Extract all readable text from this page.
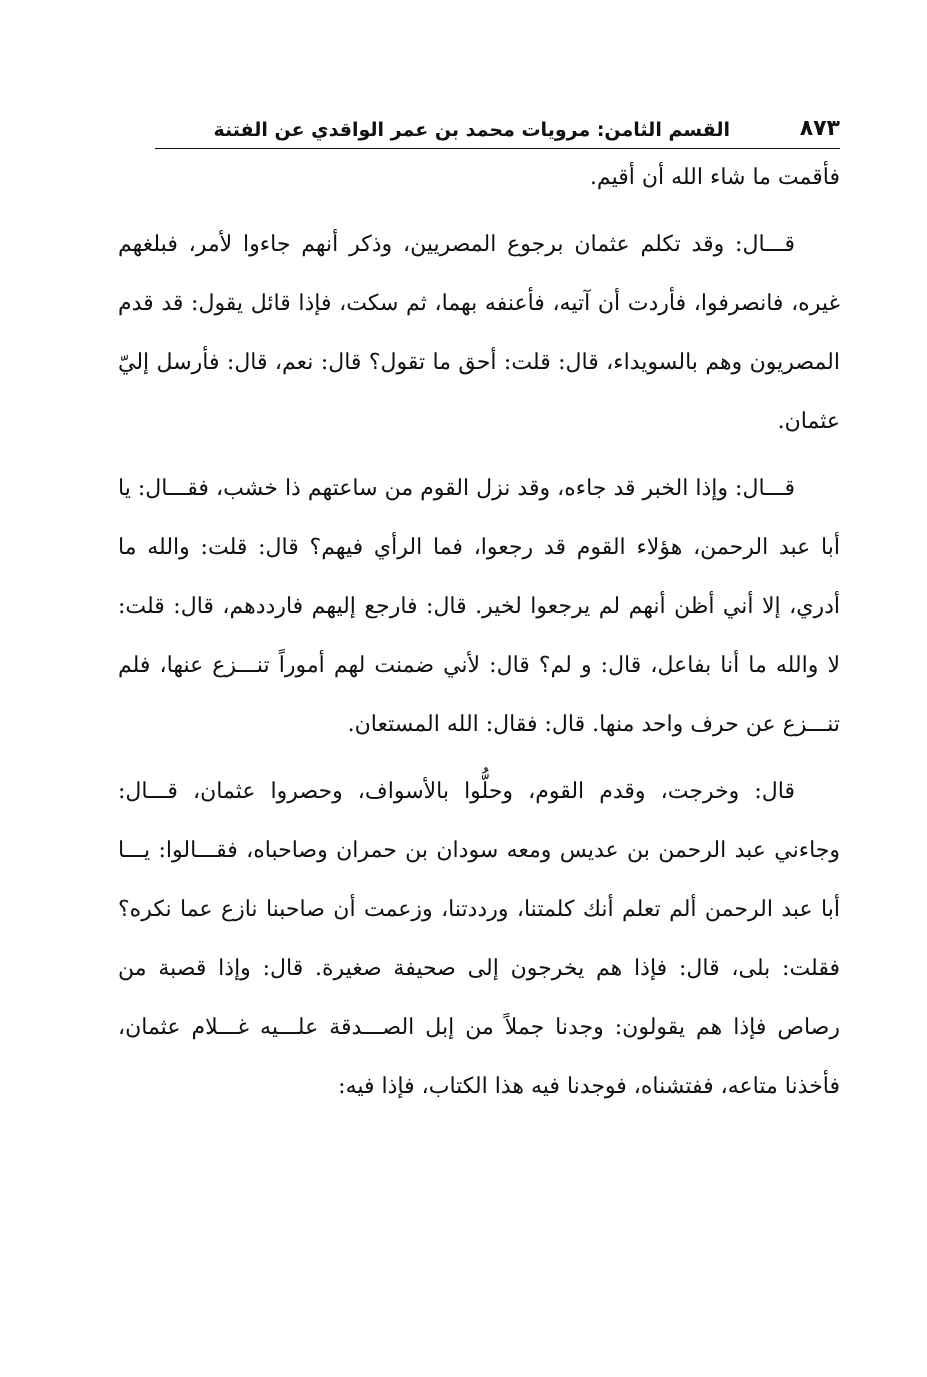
٨٧٣
القسم الثامن: مرويات محمد بن عمر الواقدي عن الفتنة

فأقمت ما شاء الله أن أقيم.

قـــال: وقد تكلم عثمان برجوع المصريين، وذكر أنهم جاءوا لأمر، فبلغهم غيره، فانصرفوا، فأردت أن آتيه، فأعنفه بهما، ثم سكت، فإذا قائل يقول: قد قدم المصريون وهم بالسويداء، قال: قلت: أحق ما تقول؟ قال: نعم، قال: فأرسل إليّ عثمان.

قـــال: وإذا الخبر قد جاءه، وقد نزل القوم من ساعتهم ذا خشب، فقـــال: يا أبا عبد الرحمن، هؤلاء القوم قد رجعوا، فما الرأي فيهم؟ قال: قلت: والله ما أدري، إلا أني أظن أنهم لم يرجعوا لخير. قال: فارجع إليهم فارددهم، قال: قلت: لا والله ما أنا بفاعل، قال: و لم؟ قال: لأني ضمنت لهم أموراً تنـــزع عنها، فلم تنـــزع عن حرف واحد منها. قال: فقال: الله المستعان.

قال: وخرجت، وقدم القوم، وحلُّوا بالأسواف، وحصروا عثمان، قـــال: وجاءني عبد الرحمن بن عديس ومعه سودان بن حمران وصاحباه، فقـــالوا: يـــا أبا عبد الرحمن ألم تعلم أنك كلمتنا، ورددتنا، وزعمت أن صاحبنا نازع عما نكره؟ فقلت: بلى، قال: فإذا هم يخرجون إلى صحيفة صغيرة. قال: وإذا قصبة من رصاص فإذا هم يقولون: وجدنا جملاً من إبل الصـــدقة علـــيه غـــلام عثمان، فأخذنا متاعه، ففتشناه، فوجدنا فيه هذا الكتاب، فإذا فيه:
